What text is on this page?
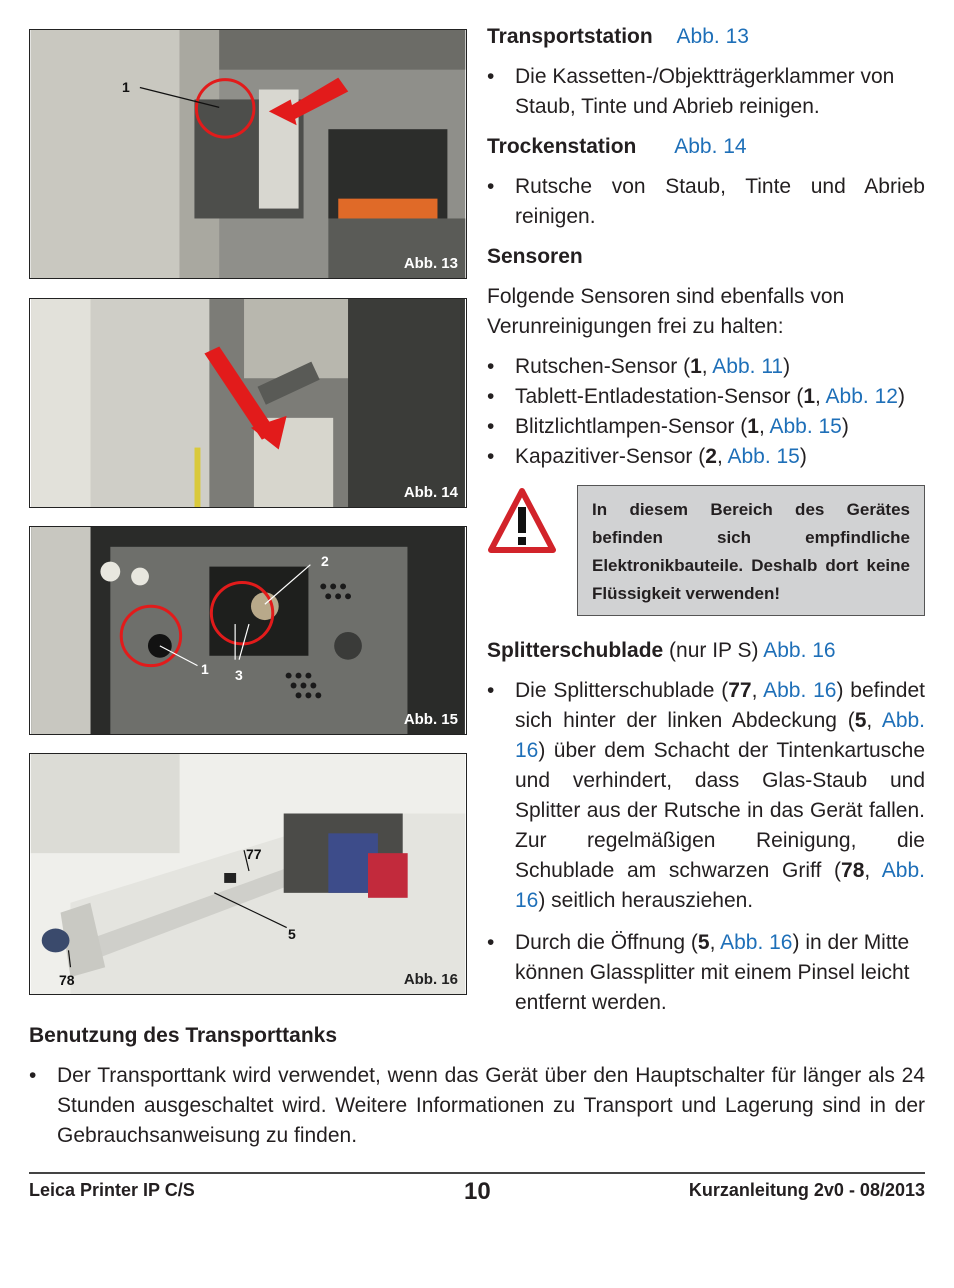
1
Abb. 13
Abb. 14
2
1 3
Abb. 15
77
5
78	Abb. 16
Transportstation Abb. 13
• Die Kassetten-/Objektträgerklammer von Staub, Tinte und Abrieb reinigen.
Trockenstation Abb. 14
• Rutsche von Staub, Tinte und Abrieb reinigen.
Sensoren
Folgende Sensoren sind ebenfalls von Verunreinigungen frei zu halten:
• Rutschen-Sensor (1, Abb. 11)
• Tablett-Entladestation-Sensor (1, Abb. 12)
• Blitzlichtlampen-Sensor (1, Abb. 15)
• Kapazitiver-Sensor (2, Abb. 15)
In diesem Bereich des Gerätes befinden sich empfindliche Elektronikbauteile. Deshalb dort keine Flüssigkeit verwenden!
Splitterschublade (nur IP S) Abb. 16
• Die Splitterschublade (77, Abb. 16) befindet sich hinter der linken Abdeckung (5, Abb. 16) über dem Schacht der Tintenkartusche und verhindert, dass Glas-Staub und Splitter aus der Rutsche in das Gerät fallen. Zur regelmäßigen Reinigung, die Schublade am schwarzen Griff (78, Abb. 16) seitlich herausziehen.
• Durch die Öffnung (5, Abb. 16) in der Mitte können Glassplitter mit einem Pinsel leicht entfernt werden.
Benutzung des Transporttanks
• Der Transporttank wird verwendet, wenn das Gerät über den Hauptschalter für länger als 24 Stunden ausgeschaltet wird. Weitere Informationen zu Transport und Lagerung sind in der Gebrauchsanweisung zu finden.
Leica Printer IP C/S	10	Kurzanleitung 2v0 - 08/2013
